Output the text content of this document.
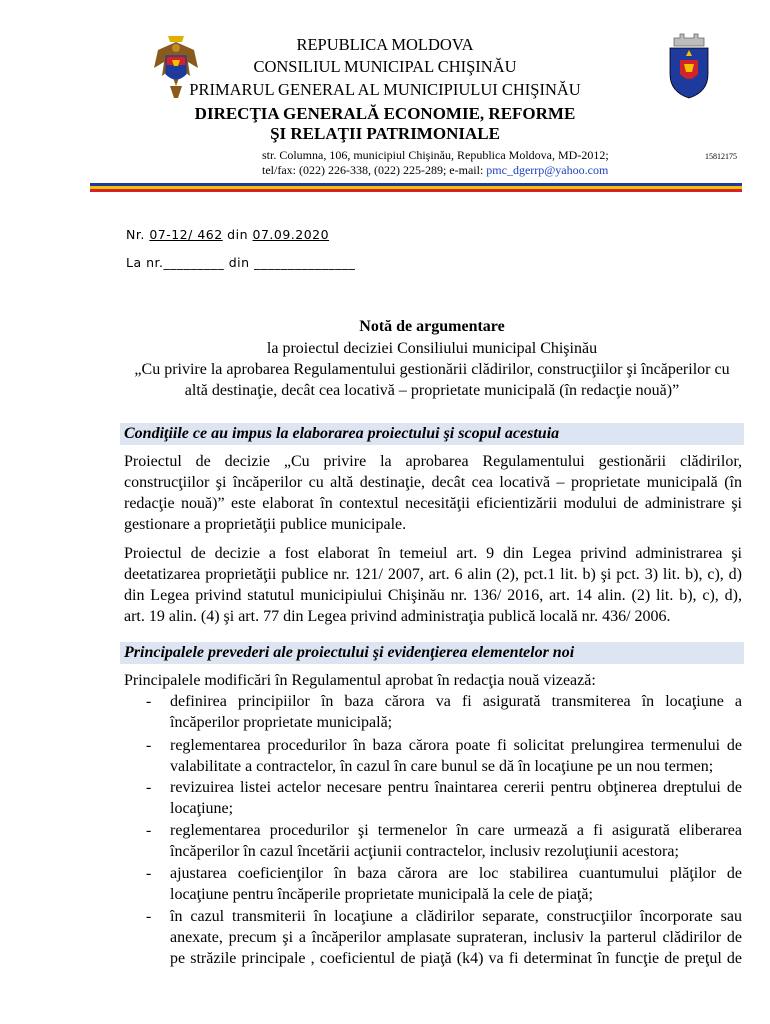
REPUBLICA MOLDOVA
CONSILIUL MUNICIPAL CHIŞINĂU
PRIMARUL GENERAL AL MUNICIPIULUI CHIŞINĂU
DIRECŢIA GENERALĂ ECONOMIE, REFORME
ŞI RELAŢII PATRIMONIALE
str. Columna, 106, municipiul Chişinău, Republica Moldova, MD-2012;
tel/fax: (022) 226-338, (022) 225-289; e-mail: pmc_dgerrp@yahoo.com
15812175
Nr. 07-12/ 462 din 07.09.2020
La nr._________ din _______________
Notă de argumentare
la proiectul deciziei Consiliului municipal Chişinău
„Cu privire la aprobarea Regulamentului gestionării clădirilor, construcţiilor şi încăperilor cu
altă destinaţie, decât cea locativă – proprietate municipală (în redacţie nouă)”
Condiţiile ce au impus la elaborarea proiectului şi scopul acestuia
Proiectul de decizie „Cu privire la aprobarea Regulamentului gestionării clădirilor,
construcţiilor şi încăperilor cu altă destinaţie, decât cea locativă – proprietate municipală (în
redacţie nouă)” este elaborat în contextul necesităţii eficientizării modului de administrare şi
gestionare a proprietăţii publice municipale.
Proiectul de decizie a fost elaborat în temeiul art. 9 din Legea privind administrarea şi
deetatizarea proprietăţii publice nr. 121/ 2007, art. 6 alin (2), pct.1 lit. b) şi pct. 3) lit. b), c), d)
din Legea privind statutul municipiului Chişinău nr. 136/ 2016, art. 14 alin. (2) lit. b), c), d),
art. 19 alin. (4) şi art. 77 din Legea privind administraţia publică locală nr. 436/ 2006.
Principalele prevederi ale proiectului şi evidenţierea elementelor noi
Principalele modificări în Regulamentul aprobat în redacţia nouă vizează:
- definirea principiilor în baza cărora va fi asigurată transmiterea în locaţiune a
încăperilor proprietate municipală;
- reglementarea procedurilor în baza cărora poate fi solicitat prelungirea termenului de
valabilitate a contractelor, în cazul în care bunul se dă în locaţiune pe un nou termen;
- revizuirea listei actelor necesare pentru înaintarea cererii pentru obţinerea dreptului de
locaţiune;
- reglementarea procedurilor şi termenelor în care urmează a fi asigurată eliberarea
încăperilor în cazul încetării acţiunii contractelor, inclusiv rezoluţiunii acestora;
- ajustarea coeficienţilor în baza cărora are loc stabilirea cuantumului plăţilor de
locaţiune pentru încăperile proprietate municipală la cele de piaţă;
- în cazul transmiterii în locaţiune a clădirilor separate, construcţiilor încorporate sau
anexate, precum şi a încăperilor amplasate suprateran, inclusiv la parterul clădirilor de
pe străzile principale , coeficientul de piaţă (k4) va fi determinat în funcţie de preţul de
